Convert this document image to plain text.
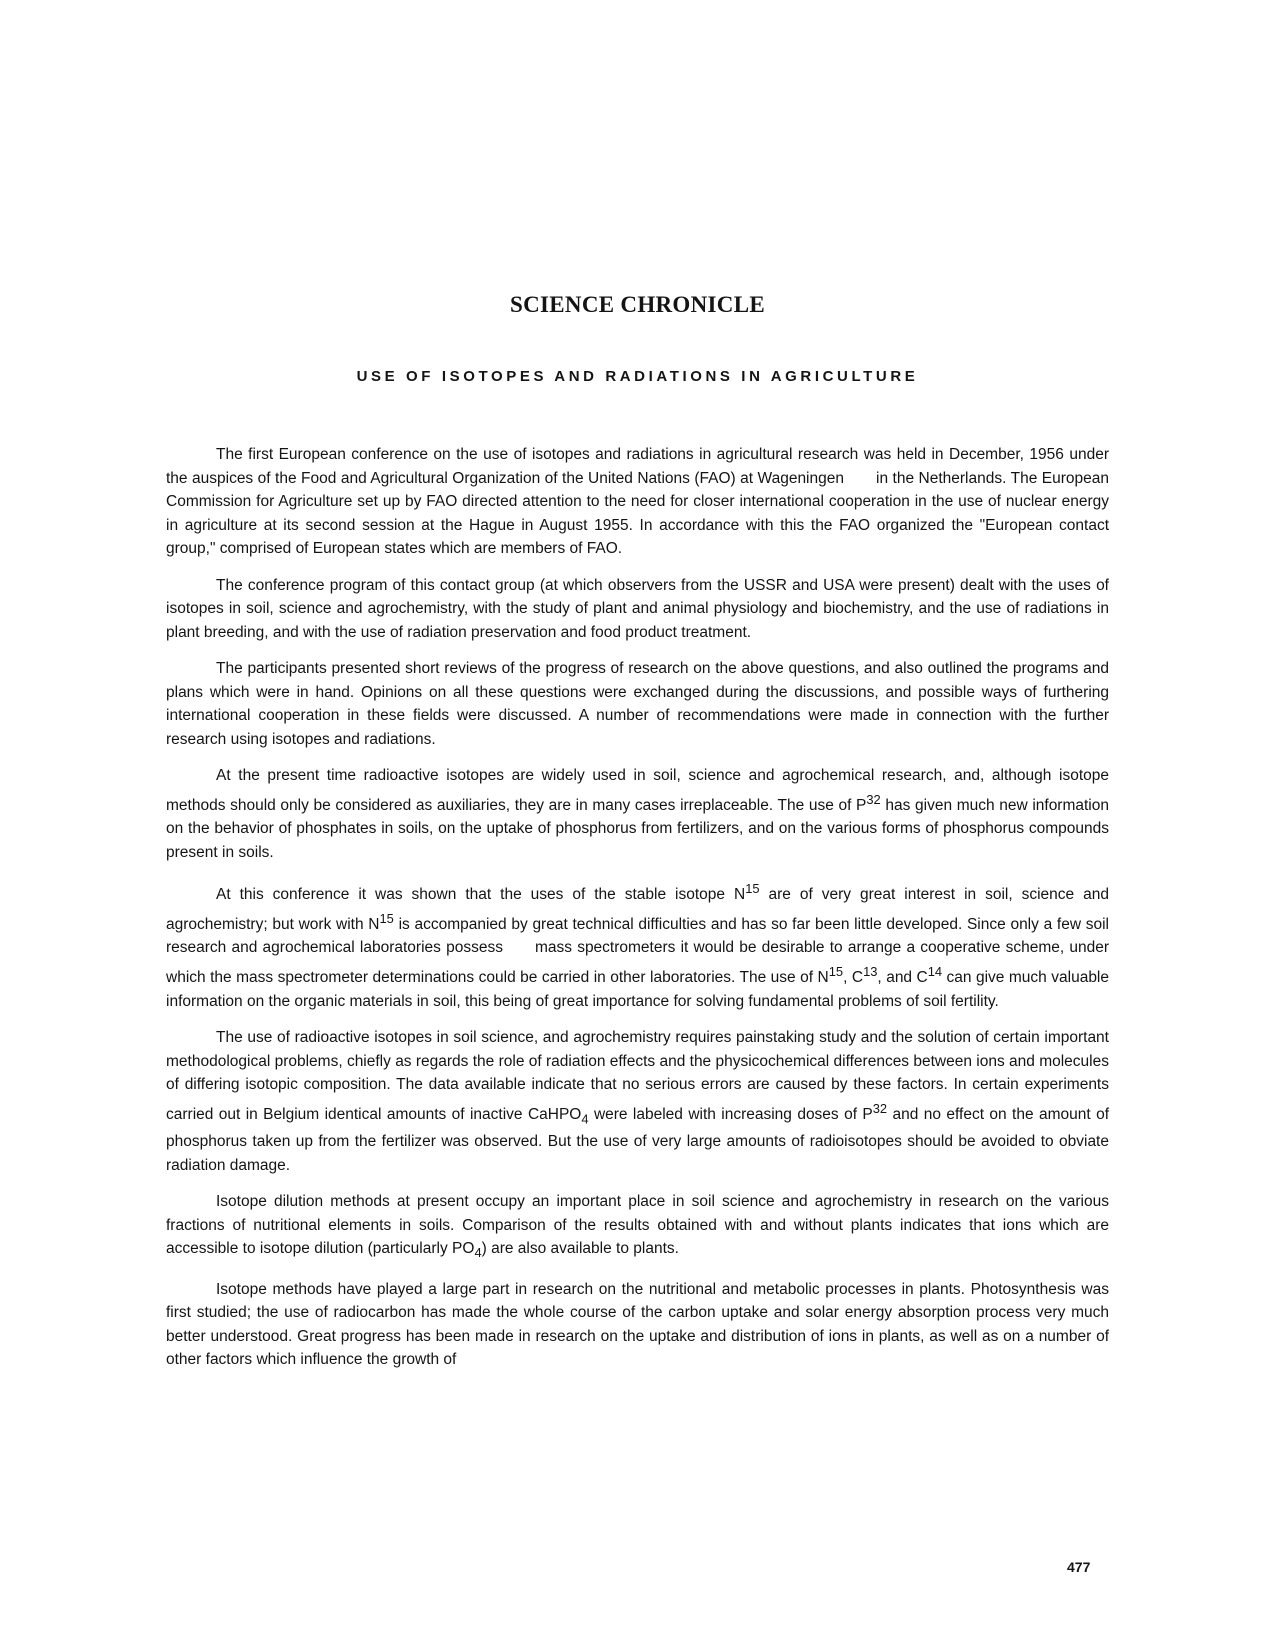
SCIENCE CHRONICLE
USE OF ISOTOPES AND RADIATIONS IN AGRICULTURE

The first European conference on the use of isotopes and radiations in agricultural research was held in December, 1956 under the auspices of the Food and Agricultural Organization of the United Nations (FAO) at Wageningen in the Netherlands. The European Commission for Agriculture set up by FAO directed attention to the need for closer international cooperation in the use of nuclear energy in agriculture at its second session at the Hague in August 1955. In accordance with this the FAO organized the "European contact group," comprised of European states which are members of FAO.

The conference program of this contact group (at which observers from the USSR and USA were present) dealt with the uses of isotopes in soil, science and agrochemistry, with the study of plant and animal physiology and biochemistry, and the use of radiations in plant breeding, and with the use of radiation preservation and food product treatment.

The participants presented short reviews of the progress of research on the above questions, and also outlined the programs and plans which were in hand. Opinions on all these questions were exchanged during the discussions, and possible ways of furthering international cooperation in these fields were discussed. A number of recommendations were made in connection with the further research using isotopes and radiations.

At the present time radioactive isotopes are widely used in soil, science and agrochemical research, and, although isotope methods should only be considered as auxiliaries, they are in many cases irreplaceable. The use of $P^{32}$ has given much new information on the behavior of phosphates in soils, on the uptake of phosphorus from fertilizers, and on the various forms of phosphorus compounds present in soils.

At this conference it was shown that the uses of the stable isotope $N^{15}$ are of very great interest in soil, science and agrochemistry; but work with $N^{15}$ is accompanied by great technical difficulties and has so far been little developed. Since only a few soil research and agrochemical laboratories possess mass spectrometers it would be desirable to arrange a cooperative scheme, under which the mass spectrometer determinations could be carried in other laboratories. The use of $N^{15}$, $C^{13}$, and $C^{14}$ can give much valuable information on the organic materials in soil, this being of great importance for solving fundamental problems of soil fertility.

The use of radioactive isotopes in soil science, and agrochemistry requires painstaking study and the solution of certain important methodological problems, chiefly as regards the role of radiation effects and the physicochemical differences between ions and molecules of differing isotopic composition. The data available indicate that no serious errors are caused by these factors. In certain experiments carried out in Belgium identical amounts of inactive CaHPO$_4$ were labeled with increasing doses of $P^{32}$ and no effect on the amount of phosphorus taken up from the fertilizer was observed. But the use of very large amounts of radioisotopes should be avoided to obviate radiation damage.

Isotope dilution methods at present occupy an important place in soil science and agrochemistry in research on the various fractions of nutritional elements in soils. Comparison of the results obtained with and without plants indicates that ions which are accessible to isotope dilution (particularly $PO_4$) are also available to plants.

Isotope methods have played a large part in research on the nutritional and metabolic processes in plants. Photosynthesis was first studied; the use of radiocarbon has made the whole course of the carbon uptake and solar energy absorption process very much better understood. Great progress has been made in research on the uptake and distribution of ions in plants, as well as on a number of other factors which influence the growth of

477
